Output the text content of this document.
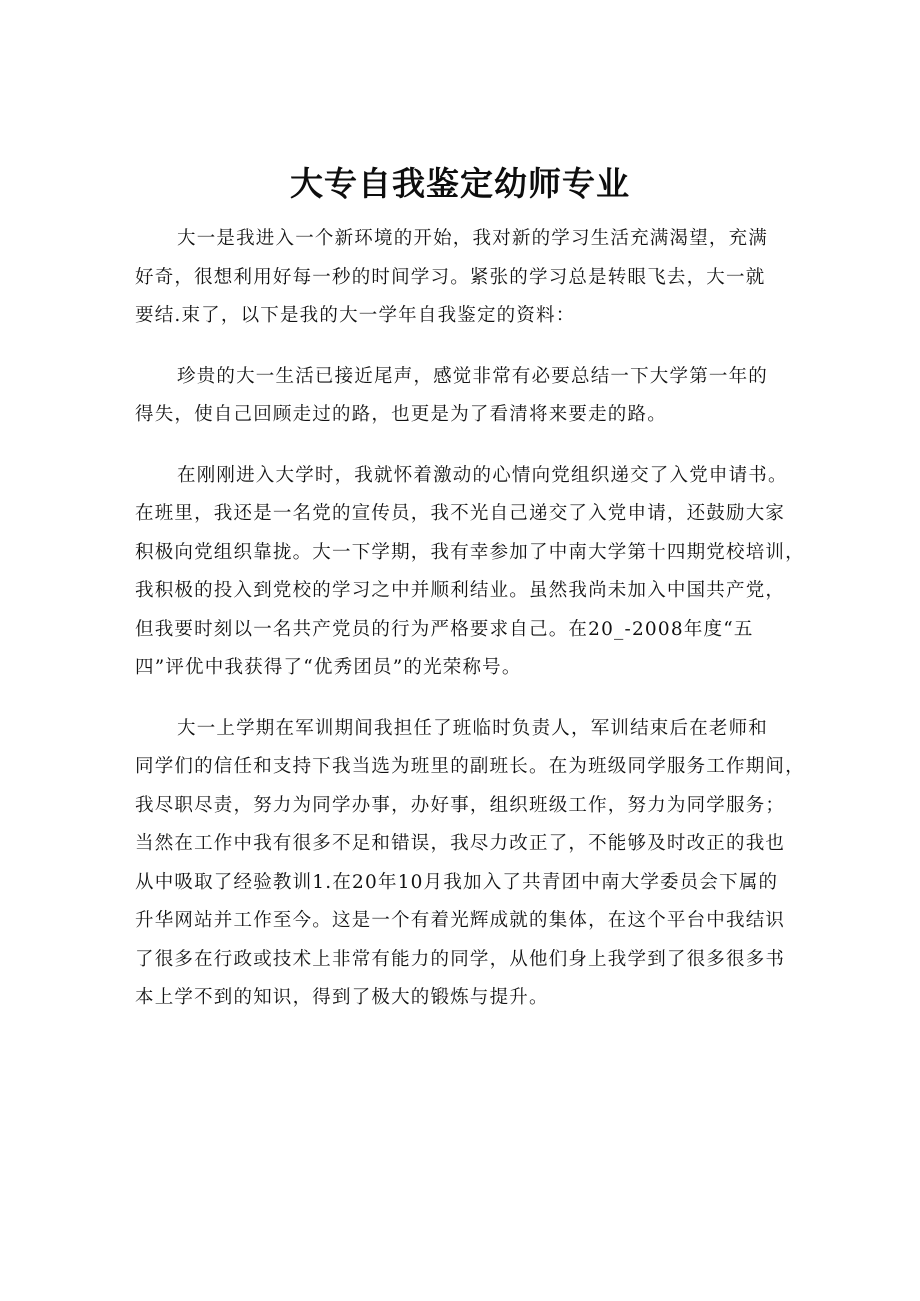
大专自我鉴定幼师专业

大一是我进入一个新环境的开始，我对新的学习生活充满渴望，充满
好奇，很想利用好每一秒的时间学习。紧张的学习总是转眼飞去，大一就
要结.束了，以下是我的大一学年自我鉴定的资料：

珍贵的大一生活已接近尾声，感觉非常有必要总结一下大学第一年的
得失，使自己回顾走过的路，也更是为了看清将来要走的路。

在刚刚进入大学时，我就怀着激动的心情向党组织递交了入党申请书。
在班里，我还是一名党的宣传员，我不光自己递交了入党申请，还鼓励大家
积极向党组织靠拢。大一下学期，我有幸参加了中南大学第十四期党校培训，
我积极的投入到党校的学习之中并顺利结业。虽然我尚未加入中国共产党，
但我要时刻以一名共产党员的行为严格要求自己。在20_-2008年度“五
四”评优中我获得了“优秀团员”的光荣称号。

大一上学期在军训期间我担任了班临时负责人，军训结束后在老师和
同学们的信任和支持下我当选为班里的副班长。在为班级同学服务工作期间，
我尽职尽责，努力为同学办事，办好事，组织班级工作，努力为同学服务；
当然在工作中我有很多不足和错误，我尽力改正了，不能够及时改正的我也
从中吸取了经验教训1.在20年10月我加入了共青团中南大学委员会下属的
升华网站并工作至今。这是一个有着光辉成就的集体，在这个平台中我结识
了很多在行政或技术上非常有能力的同学，从他们身上我学到了很多很多书
本上学不到的知识，得到了极大的锻炼与提升。
